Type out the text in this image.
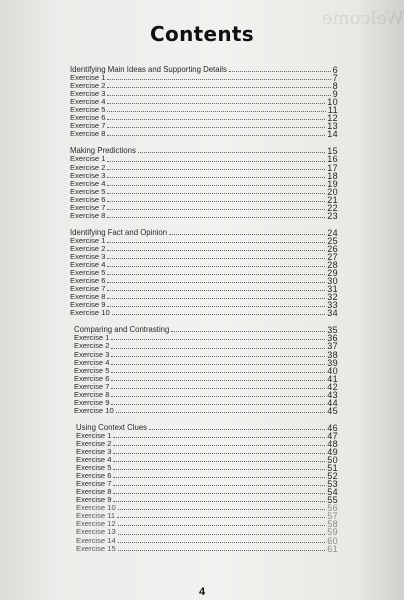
Welcome
Contents
Identifying Main Ideas and Supporting Details	6
Exercise 1	7
Exercise 2	8
Exercise 3	9
Exercise 4	10
Exercise 5	11
Exercise 6	12
Exercise 7	13
Exercise 8	14
Making Predictions	15
Exercise 1	16
Exercise 2	17
Exercise 3	18
Exercise 4	19
Exercise 5	20
Exercise 6	21
Exercise 7	22
Exercise 8	23
Identifying Fact and Opinion	24
Exercise 1	25
Exercise 2	26
Exercise 3	27
Exercise 4	28
Exercise 5	29
Exercise 6	30
Exercise 7	31
Exercise 8	32
Exercise 9	33
Exercise 10	34
Comparing and Contrasting	35
Exercise 1	36
Exercise 2	37
Exercise 3	38
Exercise 4	39
Exercise 5	40
Exercise 6	41
Exercise 7	42
Exercise 8	43
Exercise 9	44
Exercise 10	45
Using Context Clues	46
Exercise 1	47
Exercise 2	48
Exercise 3	49
Exercise 4	50
Exercise 5	51
Exercise 6	52
Exercise 7	53
Exercise 8	54
Exercise 9	55
Exercise 10	56
Exercise 11	57
Exercise 12	58
Exercise 13	59
Exercise 14	60
Exercise 15	61
4
